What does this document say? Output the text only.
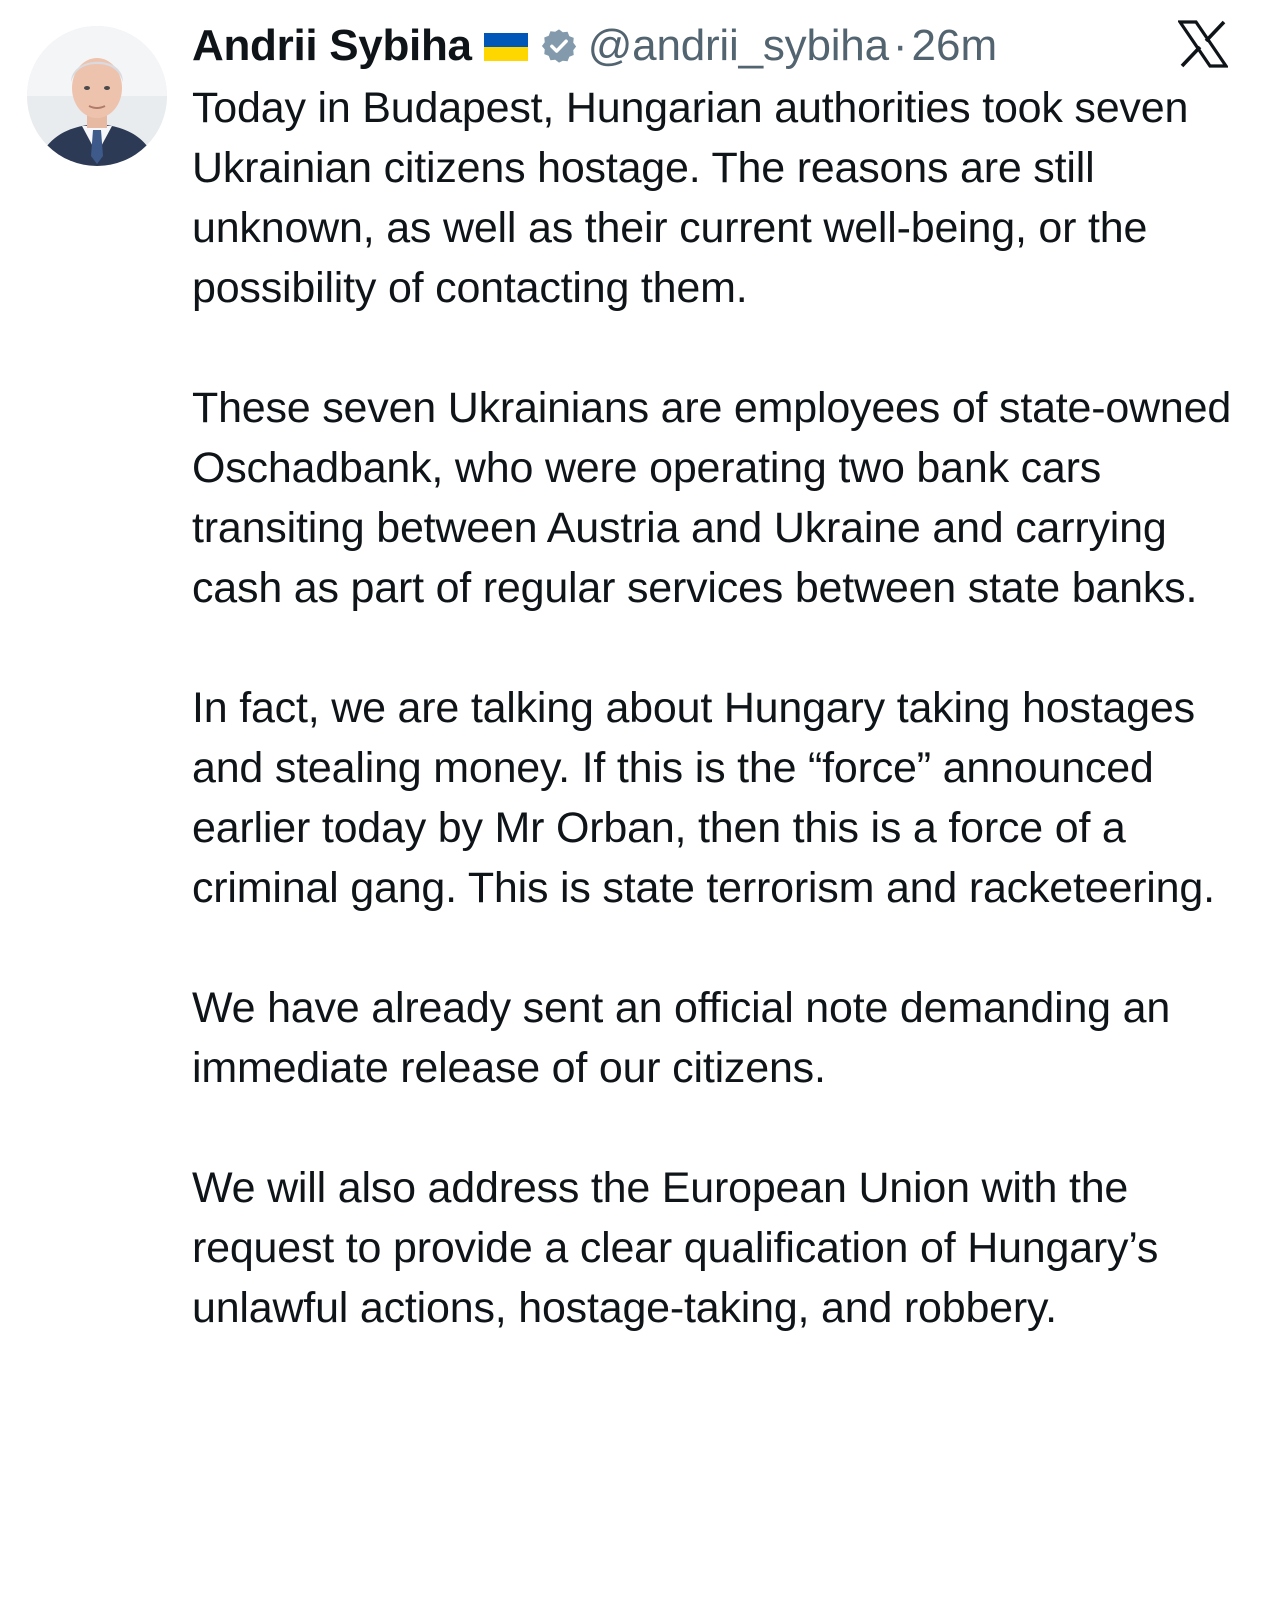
Andrii Sybiha	@andrii_sybiha · 26m

Today in Budapest, Hungarian authorities took seven Ukrainian citizens hostage. The reasons are still unknown, as well as their current well-being, or the possibility of contacting them.

These seven Ukrainians are employees of state-owned Oschadbank, who were operating two bank cars transiting between Austria and Ukraine and carrying cash as part of regular services between state banks.

In fact, we are talking about Hungary taking hostages and stealing money. If this is the “force” announced earlier today by Mr Orban, then this is a force of a criminal gang. This is state terrorism and racketeering.

We have already sent an official note demanding an immediate release of our citizens.

We will also address the European Union with the request to provide a clear qualification of Hungary’s unlawful actions, hostage-taking, and robbery.
